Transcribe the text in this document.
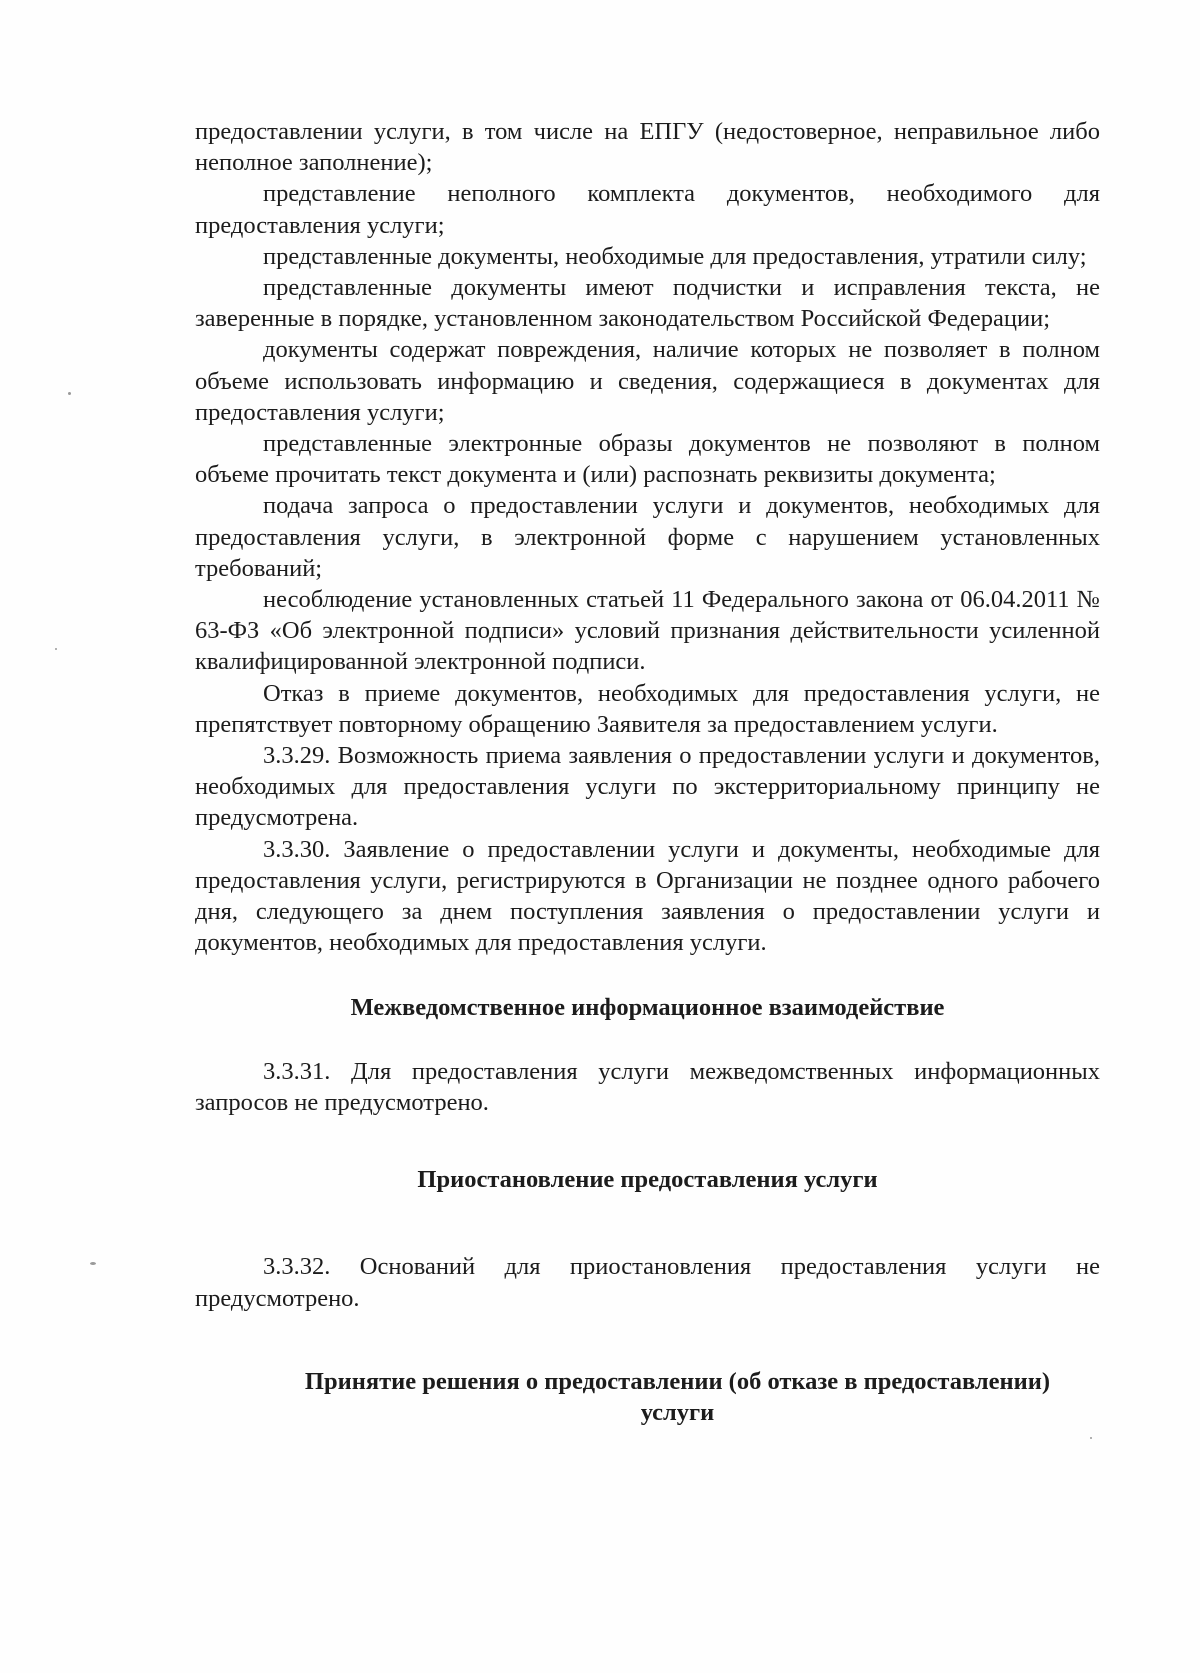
предоставлении услуги, в том числе на ЕПГУ (недостоверное, неправильное либо неполное заполнение);

представление неполного комплекта документов, необходимого для предоставления услуги;

представленные документы, необходимые для предоставления, утратили силу;

представленные документы имеют подчистки и исправления текста, не заверенные в порядке, установленном законодательством Российской Федерации;

документы содержат повреждения, наличие которых не позволяет в полном объеме использовать информацию и сведения, содержащиеся в документах для предоставления услуги;

представленные электронные образы документов не позволяют в полном объеме прочитать текст документа и (или) распознать реквизиты документа;

подача запроса о предоставлении услуги и документов, необходимых для предоставления услуги, в электронной форме с нарушением установленных требований;

несоблюдение установленных статьей 11 Федерального закона от 06.04.2011 № 63-ФЗ «Об электронной подписи» условий признания действительности усиленной квалифицированной электронной подписи.

Отказ в приеме документов, необходимых для предоставления услуги, не препятствует повторному обращению Заявителя за предоставлением услуги.

3.3.29. Возможность приема заявления о предоставлении услуги и документов, необходимых для предоставления услуги по экстерриториальному принципу не предусмотрена.

3.3.30. Заявление о предоставлении услуги и документы, необходимые для предоставления услуги, регистрируются в Организации не позднее одного рабочего дня, следующего за днем поступления заявления о предоставлении услуги и документов, необходимых для предоставления услуги.

Межведомственное информационное взаимодействие

3.3.31. Для предоставления услуги межведомственных информационных запросов не предусмотрено.

Приостановление предоставления услуги

3.3.32. Оснований для приостановления предоставления услуги не предусмотрено.

Принятие решения о предоставлении (об отказе в предоставлении)
услуги
